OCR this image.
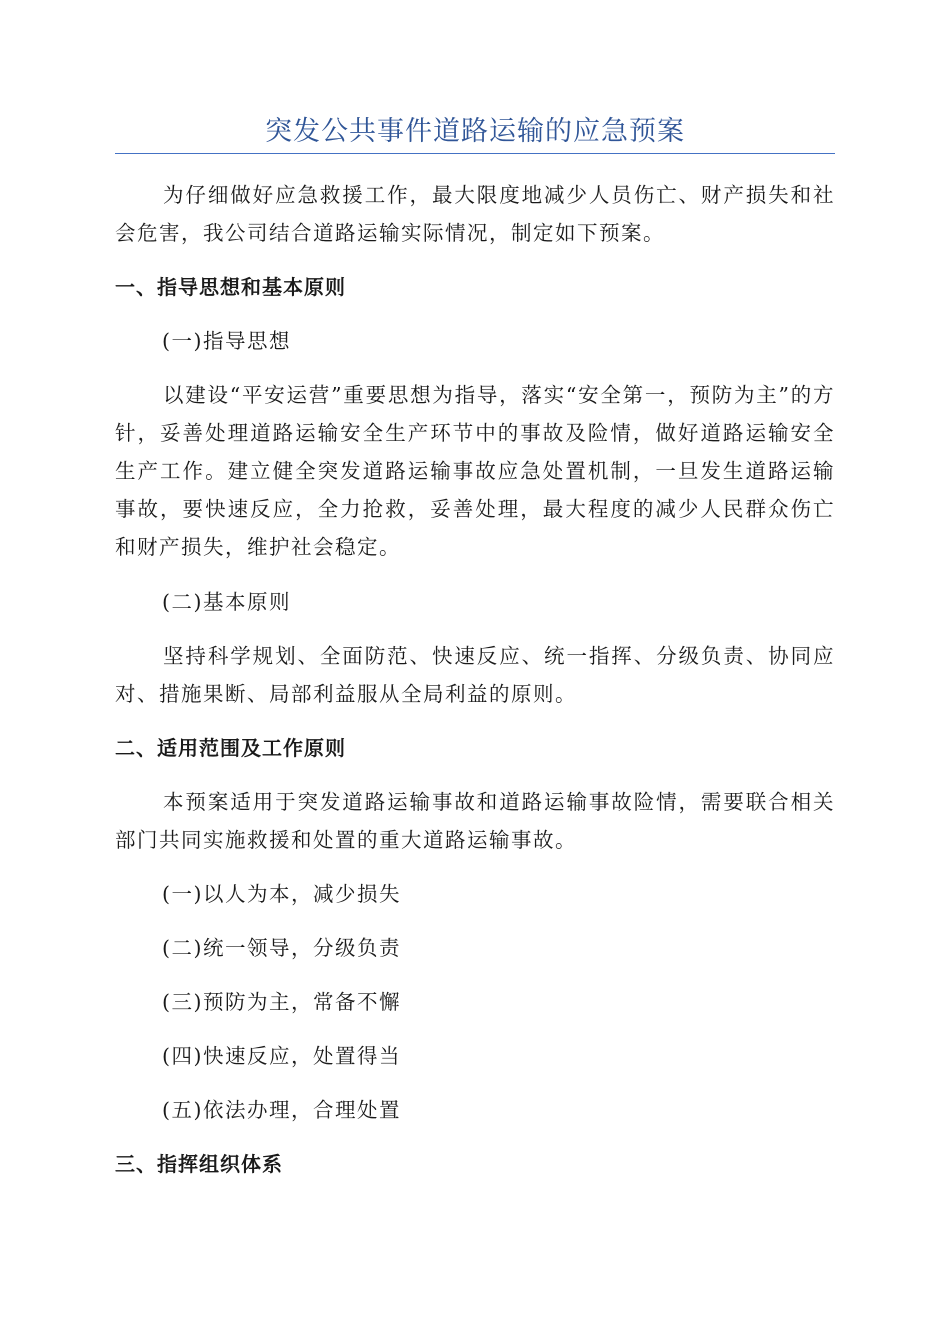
突发公共事件道路运输的应急预案

为仔细做好应急救援工作，最大限度地减少人员伤亡、财产损失和社会危害，我公司结合道路运输实际情况，制定如下预案。

一、指导思想和基本原则
(一)指导思想

以建设“平安运营”重要思想为指导，落实“安全第一，预防为主”的方针，妥善处理道路运输安全生产环节中的事故及险情，做好道路运输安全生产工作。建立健全突发道路运输事故应急处置机制，一旦发生道路运输事故，要快速反应，全力抢救，妥善处理，最大程度的减少人民群众伤亡和财产损失，维护社会稳定。

(二)基本原则

坚持科学规划、全面防范、快速反应、统一指挥、分级负责、协同应对、措施果断、局部利益服从全局利益的原则。

二、适用范围及工作原则

本预案适用于突发道路运输事故和道路运输事故险情，需要联合相关部门共同实施救援和处置的重大道路运输事故。

(一)以人为本，减少损失
(二)统一领导，分级负责
(三)预防为主，常备不懈
(四)快速反应，处置得当
(五)依法办理，合理处置
三、指挥组织体系
